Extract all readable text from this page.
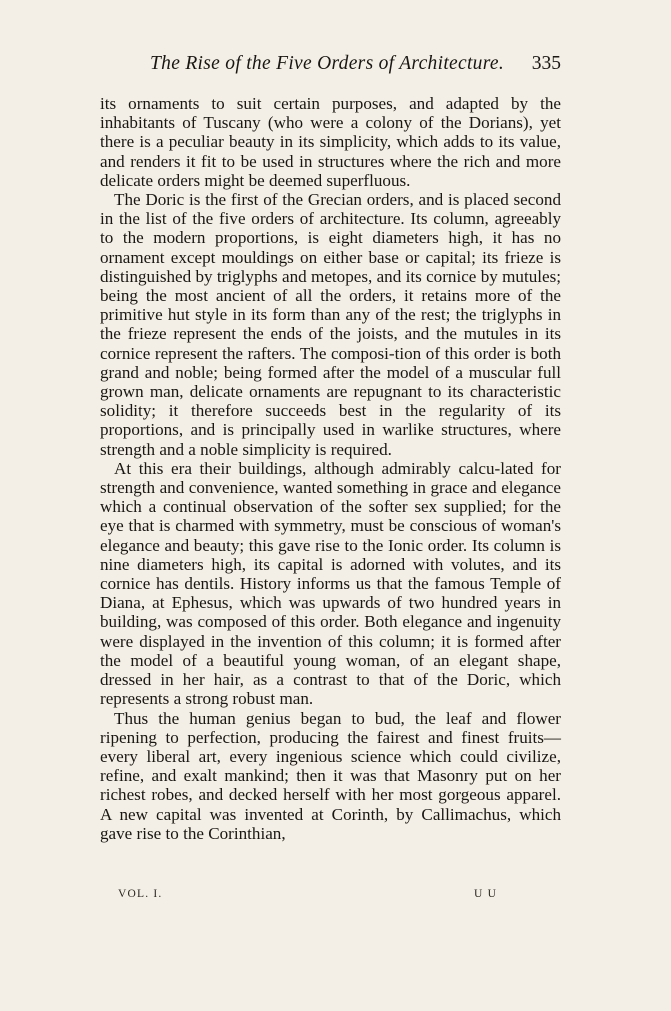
The Rise of the Five Orders of Architecture. 335

its ornaments to suit certain purposes, and adapted by the inhabitants of Tuscany (who were a colony of the Dorians), yet there is a peculiar beauty in its simplicity, which adds to its value, and renders it fit to be used in structures where the rich and more delicate orders might be deemed superfluous.

The Doric is the first of the Grecian orders, and is placed second in the list of the five orders of architecture. Its column, agreeably to the modern proportions, is eight diameters high, it has no ornament except mouldings on either base or capital; its frieze is distinguished by triglyphs and metopes, and its cornice by mutules; being the most ancient of all the orders, it retains more of the primitive hut style in its form than any of the rest; the triglyphs in the frieze represent the ends of the joists, and the mutules in its cornice represent the rafters. The composi-tion of this order is both grand and noble; being formed after the model of a muscular full grown man, delicate ornaments are repugnant to its characteristic solidity; it therefore succeeds best in the regularity of its proportions, and is principally used in warlike structures, where strength and a noble simplicity is required.

At this era their buildings, although admirably calcu-lated for strength and convenience, wanted something in grace and elegance which a continual observation of the softer sex supplied; for the eye that is charmed with symmetry, must be conscious of woman's elegance and beauty; this gave rise to the Ionic order. Its column is nine diameters high, its capital is adorned with volutes, and its cornice has dentils. History informs us that the famous Temple of Diana, at Ephesus, which was upwards of two hundred years in building, was composed of this order. Both elegance and ingenuity were displayed in the invention of this column; it is formed after the model of a beautiful young woman, of an elegant shape, dressed in her hair, as a contrast to that of the Doric, which represents a strong robust man.

Thus the human genius began to bud, the leaf and flower ripening to perfection, producing the fairest and finest fruits—every liberal art, every ingenious science which could civilize, refine, and exalt mankind; then it was that Masonry put on her richest robes, and decked herself with her most gorgeous apparel. A new capital was invented at Corinth, by Callimachus, which gave rise to the Corinthian,

VOL. I.	U U
